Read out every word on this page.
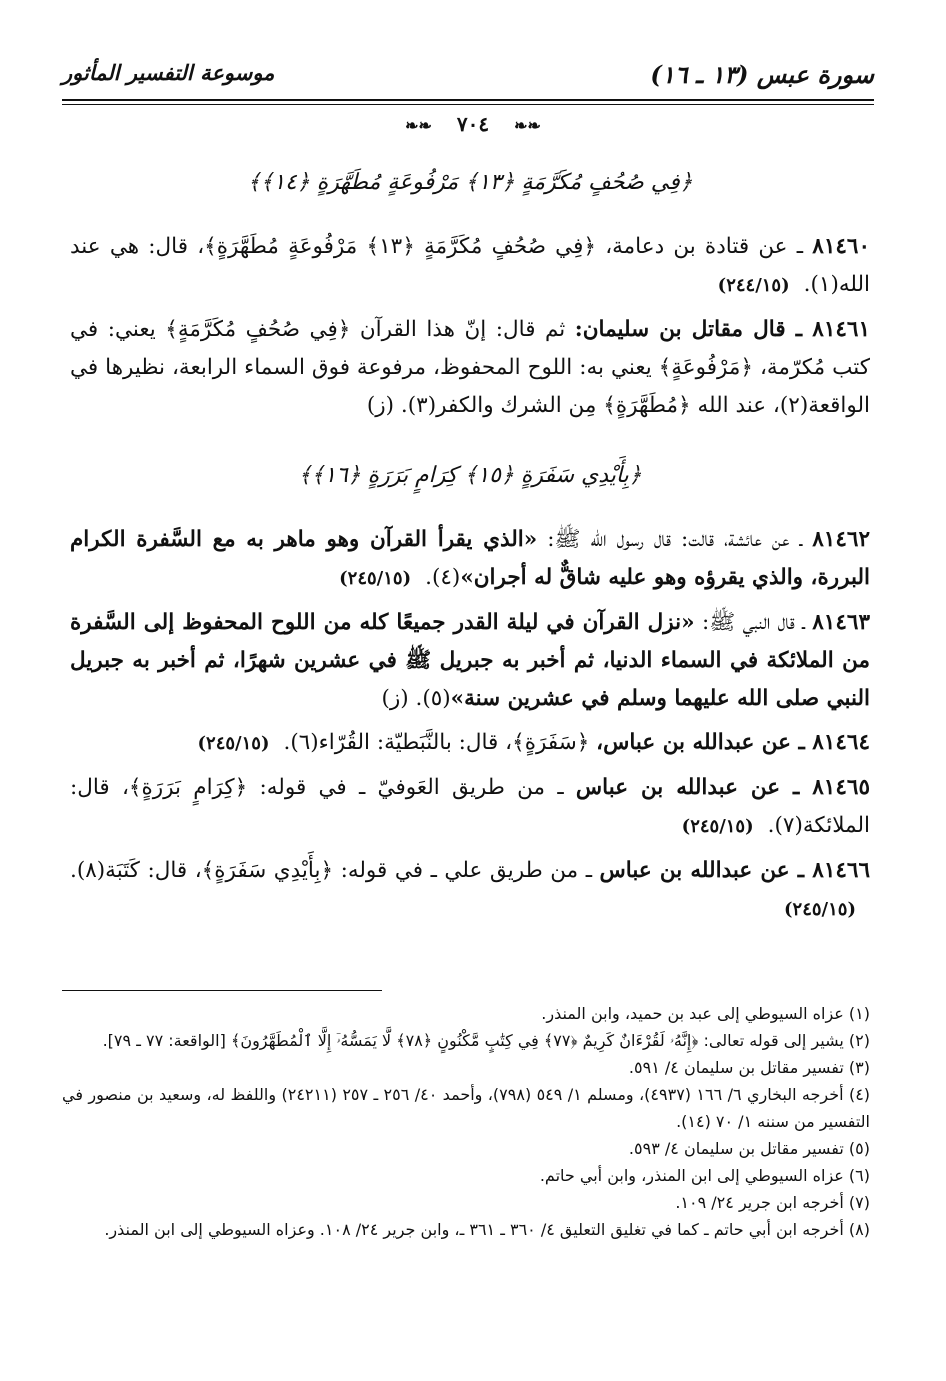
سورة عبس (١٣ ـ ١٦)
موسوعة التفسير المأثور
❧❧ ٧٠٤ ❧❧
﴿فِي صُحُفٍ مُكَرَّمَةٍ ﴿١٣﴾ مَرْفُوعَةٍ مُطَهَّرَةٍ ﴿١٤﴾﴾

٨١٤٦٠ ـ عن قتادة بن دعامة، ﴿فِي صُحُفٍ مُكَرَّمَةٍ ﴿١٣﴾ مَرْفُوعَةٍ مُطَهَّرَةٍ﴾، قال: هي عند الله(١).(٢٤٤/١٥)

٨١٤٦١ ـ قال مقاتل بن سليمان: ثم قال: إنّ هذا القرآن ﴿فِي صُحُفٍ مُكَرَّمَةٍ﴾ يعني: في كتب مُكرّمة، ﴿مَرْفُوعَةٍ﴾ يعني به: اللوح المحفوظ، مرفوعة فوق السماء الرابعة، نظيرها في الواقعة(٢)، عند الله ﴿مُطَهَّرَةٍ﴾ مِن الشرك والكفر(٣). (ز)

﴿بِأَيْدِي سَفَرَةٍ ﴿١٥﴾ كِرَامٍ بَرَرَةٍ ﴿١٦﴾﴾

٨١٤٦٢ ـ عن عائشة، قالت: قال رسول الله ﷺ: «الذي يقرأ القرآن وهو ماهر به مع السَّفرة الكرام البررة، والذي يقرؤه وهو عليه شاقٌّ له أجران»(٤).(٢٤٥/١٥)

٨١٤٦٣ ـ قال النبي ﷺ: «نزل القرآن في ليلة القدر جميعًا كله من اللوح المحفوظ إلى السَّفرة من الملائكة في السماء الدنيا، ثم أخبر به جبريل ﷺ في عشرين شهرًا، ثم أخبر به جبريل النبي صلى الله عليهما وسلم في عشرين سنة»(٥). (ز)

٨١٤٦٤ ـ عن عبدالله بن عباس، ﴿سَفَرَةٍ﴾، قال: بالنَّبَطيّة: القُرّاء(٦).(٢٤٥/١٥)

٨١٤٦٥ ـ عن عبدالله بن عباس ـ من طريق العَوفيّ ـ في قوله: ﴿كِرَامٍ بَرَرَةٍ﴾، قال: الملائكة(٧).(٢٤٥/١٥)

٨١٤٦٦ ـ عن عبدالله بن عباس ـ من طريق علي ـ في قوله: ﴿بِأَيْدِي سَفَرَةٍ﴾، قال: كَتَبَة(٨).(٢٤٥/١٥)

(١) عزاه السيوطي إلى عبد بن حميد، وابن المنذر.

(٢) يشير إلى قوله تعالى: ﴿إِنَّهُۥ لَقُرْءَانٌ كَرِيمٌ ﴿٧٧﴾ فِي كِتَٰبٍ مَّكْنُونٍ ﴿٧٨﴾ لَّا يَمَسُّهُۥٓ إِلَّا ٱلْمُطَهَّرُونَ﴾ [الواقعة: ٧٧ ـ ٧٩].

(٣) تفسير مقاتل بن سليمان ٤/ ٥٩١.

(٤) أخرجه البخاري ٦/ ١٦٦ (٤٩٣٧)، ومسلم ١/ ٥٤٩ (٧٩٨)، وأحمد ٤٠/ ٢٥٦ ـ ٢٥٧ (٢٤٢١١) واللفظ له، وسعيد بن منصور في التفسير من سننه ١/ ٧٠ (١٤).

(٥) تفسير مقاتل بن سليمان ٤/ ٥٩٣.

(٦) عزاه السيوطي إلى ابن المنذر، وابن أبي حاتم.

(٧) أخرجه ابن جرير ٢٤/ ١٠٩.

(٨) أخرجه ابن أبي حاتم ـ كما في تغليق التعليق ٤/ ٣٦٠ ـ ٣٦١ ـ، وابن جرير ٢٤/ ١٠٨. وعزاه السيوطي إلى ابن المنذر.
